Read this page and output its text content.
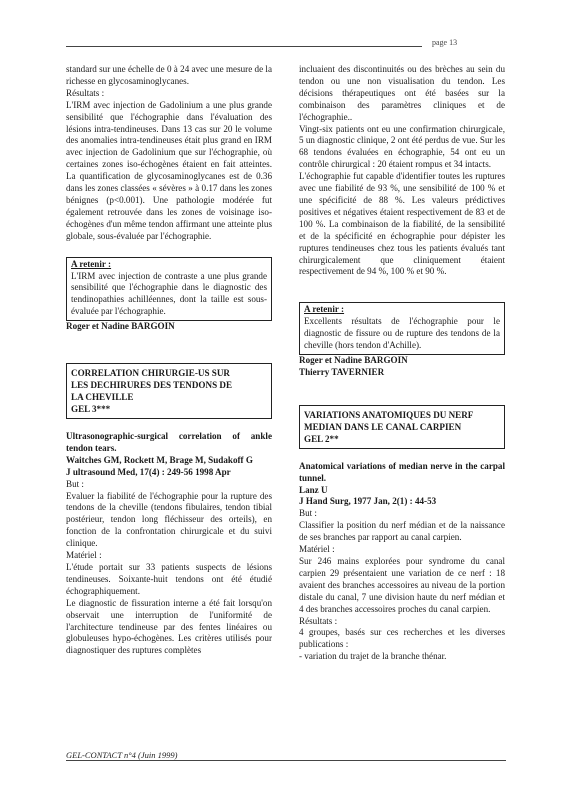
page 13

standard sur une échelle de 0 à 24 avec une mesure de la richesse en glycosaminoglycanes.

Résultats :

L'IRM avec injection de Gadolinium a une plus grande sensibilité que l'échographie dans l'évaluation des lésions intra-tendineuses. Dans 13 cas sur 20 le volume des anomalies intra-tendineuses était plus grand en IRM avec injection de Gadolinium que sur l'échographie, où certaines zones iso-échogènes étaient en fait atteintes. La quantification de glycosaminoglycanes est de 0.36 dans les zones classées « sévères » à 0.17 dans les zones bénignes (p<0.001). Une pathologie modérée fut également retrouvée dans les zones de voisinage iso-échogènes d'un même tendon affirmant une atteinte plus globale, sous-évaluée par l'échographie.

A retenir :

L'IRM avec injection de contraste a une plus grande sensibilité que l'échographie dans le diagnostic des tendinopathies achilléennes, dont la taille est sous-évaluée par l'échographie.

Roger et Nadine BARGOIN

CORRELATION CHIRURGIE-US SUR
LES DECHIRURES DES TENDONS DE
LA CHEVILLE
GEL 3***

Ultrasonographic-surgical correlation of ankle tendon tears.

Waitches GM, Rockett M, Brage M, Sudakoff G

J ultrasound Med, 17(4) : 249-56 1998 Apr

But :

Evaluer la fiabilité de l'échographie pour la rupture des tendons de la cheville (tendons fibulaires, tendon tibial postérieur, tendon long fléchisseur des orteils), en fonction de la confrontation chirurgicale et du suivi clinique.

Matériel :

L'étude portait sur 33 patients suspects de lésions tendineuses. Soixante-huit tendons ont été étudié échographiquement.

Le diagnostic de fissuration interne a été fait lorsqu'on observait une interruption de l'uniformité de l'architecture tendineuse par des fentes linéaires ou globuleuses hypo-échogènes. Les critères utilisés pour diagnostiquer des ruptures complètes

incluaient des discontinuités ou des brèches au sein du tendon ou une non visualisation du tendon. Les décisions thérapeutiques ont été basées sur la combinaison des paramètres cliniques et de l'échographie..

Vingt-six patients ont eu une confirmation chirurgicale, 5 un diagnostic clinique, 2 ont été perdus de vue. Sur les 68 tendons évaluées en échographie, 54 ont eu un contrôle chirurgical : 20 étaient rompus et 34 intacts.

L'échographie fut capable d'identifier toutes les ruptures avec une fiabilité de 93 %, une sensibilité de 100 % et une spécificité de 88 %. Les valeurs prédictives positives et négatives étaient respectivement de 83 et de 100 %. La combinaison de la fiabilité, de la sensibilité et de la spécificité en échographie pour dépister les ruptures tendineuses chez tous les patients évalués tant chirurgicalement que cliniquement étaient respectivement de 94 %, 100 % et 90 %.

A retenir :

Excellents résultats de l'échographie pour le diagnostic de fissure ou de rupture des tendons de la cheville (hors tendon d'Achille).

Roger et Nadine BARGOIN

Thierry TAVERNIER

VARIATIONS ANATOMIQUES DU NERF
MEDIAN DANS LE CANAL CARPIEN
GEL 2**

Anatomical variations of median nerve in the carpal tunnel.

Lanz U

J Hand Surg, 1977 Jan, 2(1) : 44-53

But :

Classifier la position du nerf médian et de la naissance de ses branches par rapport au canal carpien.

Matériel :

Sur 246 mains explorées pour syndrome du canal carpien 29 présentaient une variation de ce nerf : 18 avaient des branches accessoires au niveau de la portion distale du canal, 7 une division haute du nerf médian et 4 des branches accessoires proches du canal carpien.

Résultats :

4 groupes, basés sur ces recherches et les diverses publications :

- variation du trajet de la branche thénar.

GEL-CONTACT n°4 (Juin 1999)
